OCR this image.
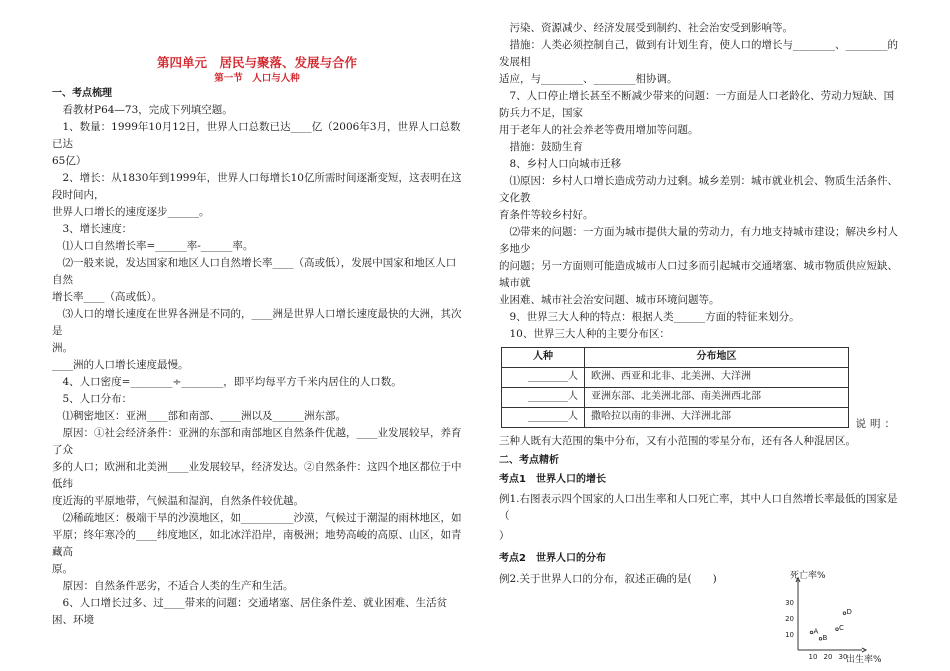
第四单元　居民与聚落、发展与合作

第一节　人口与人种

一、考点梳理

看教材P64—73，完成下列填空题。

1、数量：1999年10月12日，世界人口总数已达____亿（2006年3月，世界人口总数已达

65亿）

2、增长：从1830年到1999年，世界人口每增长10亿所需时间逐渐变短，这表明在这段时间内，

世界人口增长的速度逐步______。

3、增长速度：

⑴人口自然增长率=______率-______率。

⑵一般来说，发达国家和地区人口自然增长率____（高或低），发展中国家和地区人口自然

增长率____（高或低）。

⑶人口的增长速度在世界各洲是不同的，____洲是世界人口增长速度最快的大洲，其次是

洲。

____洲的人口增长速度最慢。

4、人口密度=________÷________，即平均每平方千米内居住的人口数。

5、人口分布：

⑴稠密地区：亚洲____部和南部、____洲以及______洲东部。

原因：①社会经济条件：亚洲的东部和南部地区自然条件优越，____业发展较早，养育了众

多的人口；欧洲和北美洲____业发展较早，经济发达。②自然条件：这四个地区都位于中低纬

度近海的平原地带，气候温和湿润，自然条件较优越。

⑵稀疏地区：极端干旱的沙漠地区，如__________沙漠，气候过于潮湿的雨林地区，如

平原；终年寒冷的____纬度地区，如北冰洋沿岸，南极洲；地势高峻的高原、山区，如青藏高

原。

原因：自然条件恶劣，不适合人类的生产和生活。

6、人口增长过多、过____带来的问题：交通堵塞、居住条件差、就业困难、生活贫困、环境

污染、资源减少、经济发展受到制约、社会治安受到影响等。

措施：人类必须控制自己，做到有计划生育，使人口的增长与________、________的发展相

适应，与________、________相协调。

7、人口停止增长甚至不断减少带来的问题：一方面是人口老龄化、劳动力短缺、国防兵力不足，国家

用于老年人的社会养老等费用增加等问题。

措施：鼓励生育

8、乡村人口向城市迁移

⑴原因：乡村人口增长造成劳动力过剩。城乡差别：城市就业机会、物质生活条件、文化教

育条件等较乡村好。

⑵带来的问题：一方面为城市提供大量的劳动力，有力地支持城市建设；解决乡村人多地少

的问题；另一方面则可能造成城市人口过多而引起城市交通堵塞、城市物质供应短缺、城市就

业困难、城市社会治安问题、城市环境问题等。

9、世界三大人种的特点：根据人类______方面的特征来划分。

10、世界三大人种的主要分布区：

人种	分布地区
________人	欧洲、西亚和北非、北美洲、大洋洲
________人	亚洲东部、北美洲北部、南美洲西北部
________人	撒哈拉以南的非洲、大洋洲北部

说明：

三种人既有大范围的集中分布，又有小范围的零星分布，还有各人种混居区。

二、考点精析

考点1　世界人口的增长

例1.右图表示四个国家的人口出生率和人口死亡率，其中人口自然增长率最低的国家是（

）

考点2　世界人口的分布

例2.关于世界人口的分布，叙述正确的是(　　)

10 20 30
10
20
30
A
B
C
D
死亡率%
出生率%
